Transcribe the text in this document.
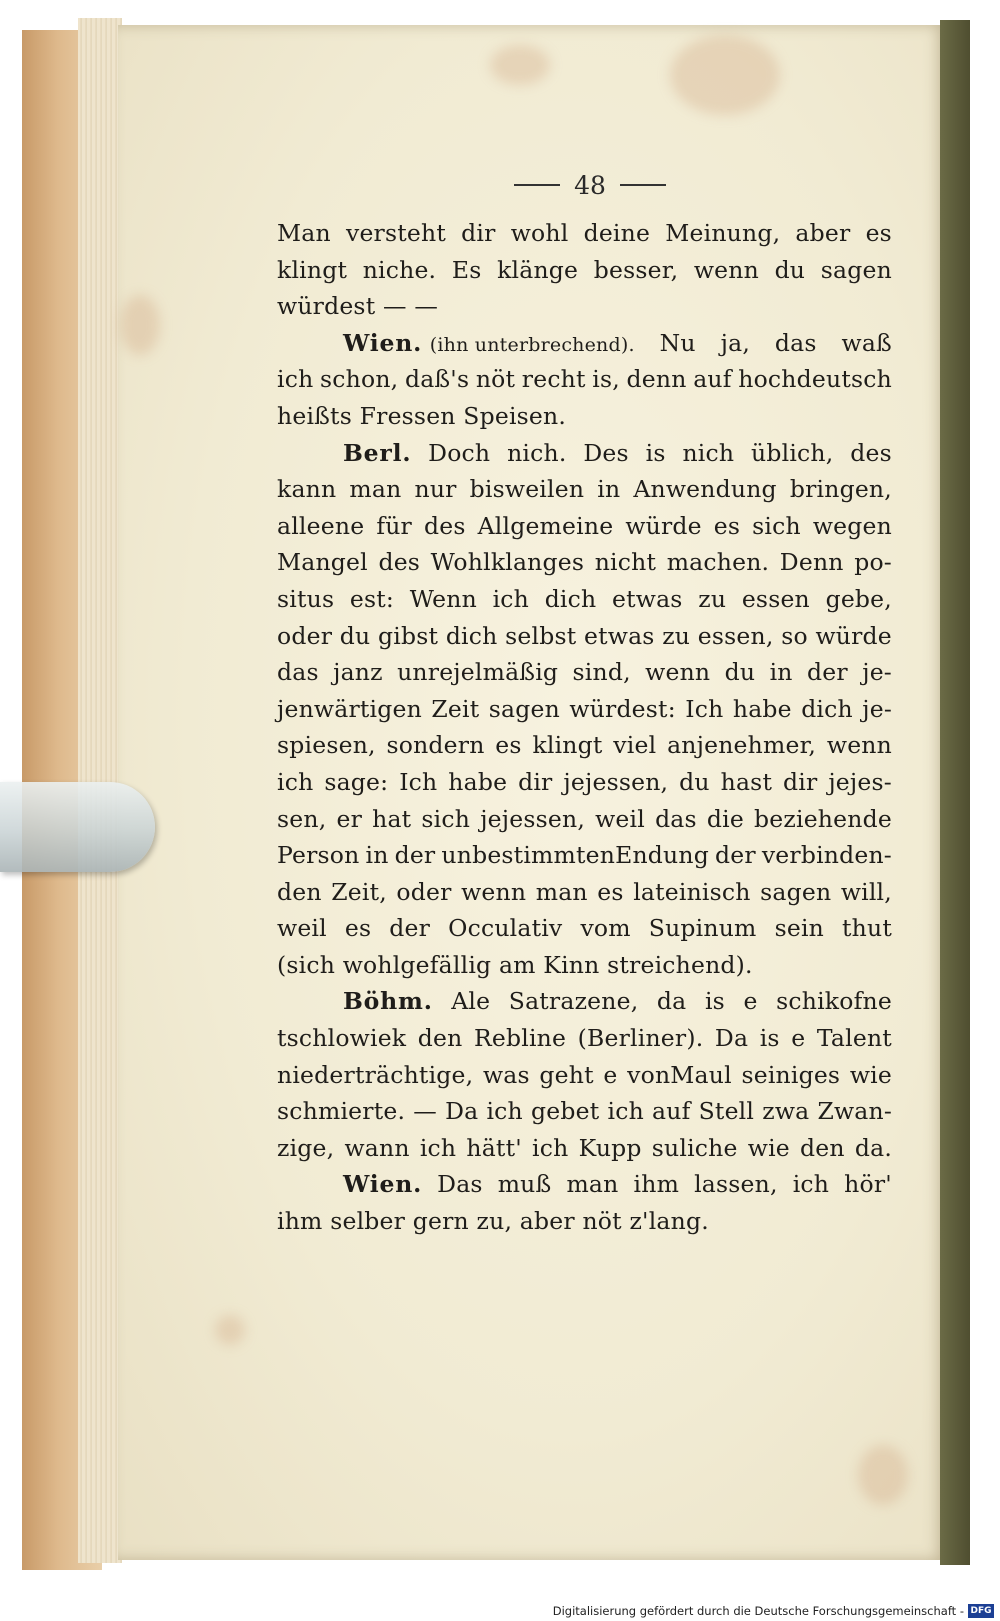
48
Man versteht dir wohl deine Meinung, aber es
klingt niche. Es klänge besser, wenn du sagen
würdest — —
Wien. (ihn unterbrechend). Nu ja, das waß
ich schon, daß's nöt recht is, denn auf hochdeutsch
heißts Fressen Speisen.
Berl. Doch nich. Des is nich üblich, des
kann man nur bisweilen in Anwendung bringen,
alleene für des Allgemeine würde es sich wegen
Mangel des Wohlklanges nicht machen. Denn po-
situs est: Wenn ich dich etwas zu essen gebe,
oder du gibst dich selbst etwas zu essen, so würde
das janz unrejelmäßig sind, wenn du in der je-
jenwärtigen Zeit sagen würdest: Ich habe dich je-
spiesen, sondern es klingt viel anjenehmer, wenn
ich sage: Ich habe dir jejessen, du hast dir jejes-
sen, er hat sich jejessen, weil das die beziehende
Person in der unbestimmtenEndung der verbinden-
den Zeit, oder wenn man es lateinisch sagen will,
weil es der Occulativ vom Supinum sein thut
(sich wohlgefällig am Kinn streichend).
Böhm. Ale Satrazene, da is e schikofne
tschlowiek den Rebline (Berliner). Da is e Talent
niederträchtige, was geht e vonMaul seiniges wie
schmierte. — Da ich gebet ich auf Stell zwa Zwan-
zige, wann ich hätt' ich Kupp suliche wie den da.
Wien. Das muß man ihm lassen, ich hör'
ihm selber gern zu, aber nöt z'lang.
Digitalisierung gefördert durch die Deutsche Forschungsgemeinschaft - DFG
